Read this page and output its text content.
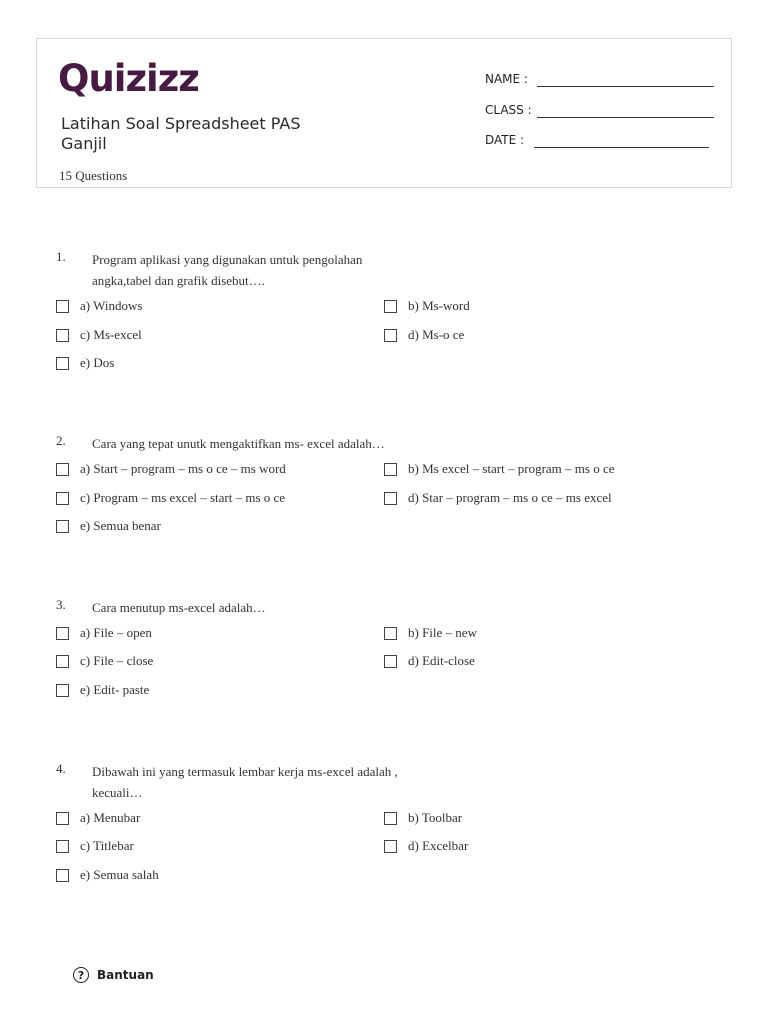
Quizizz
Latihan Soal Spreadsheet PAS Ganjil
15 Questions
NAME :
CLASS :
DATE :
1. Program aplikasi yang digunakan untuk pengolahan angka,tabel dan grafik disebut….
a) Windows	b) Ms-word
c) Ms-excel	d) Ms-o ce
e) Dos
2. Cara yang tepat unutk mengaktifkan ms- excel adalah…
a) Start – program – ms o ce – ms word	b) Ms excel – start – program – ms o ce
c) Program – ms excel – start – ms o ce	d) Star – program – ms o ce – ms excel
e) Semua benar
3. Cara menutup ms-excel adalah…
a) File – open	b) File – new
c) File – close	d) Edit-close
e) Edit- paste
4. Dibawah ini yang termasuk lembar kerja ms-excel adalah , kecuali…
a) Menubar	b) Toolbar
c) Titlebar	d) Excelbar
e) Semua salah
?	Bantuan
